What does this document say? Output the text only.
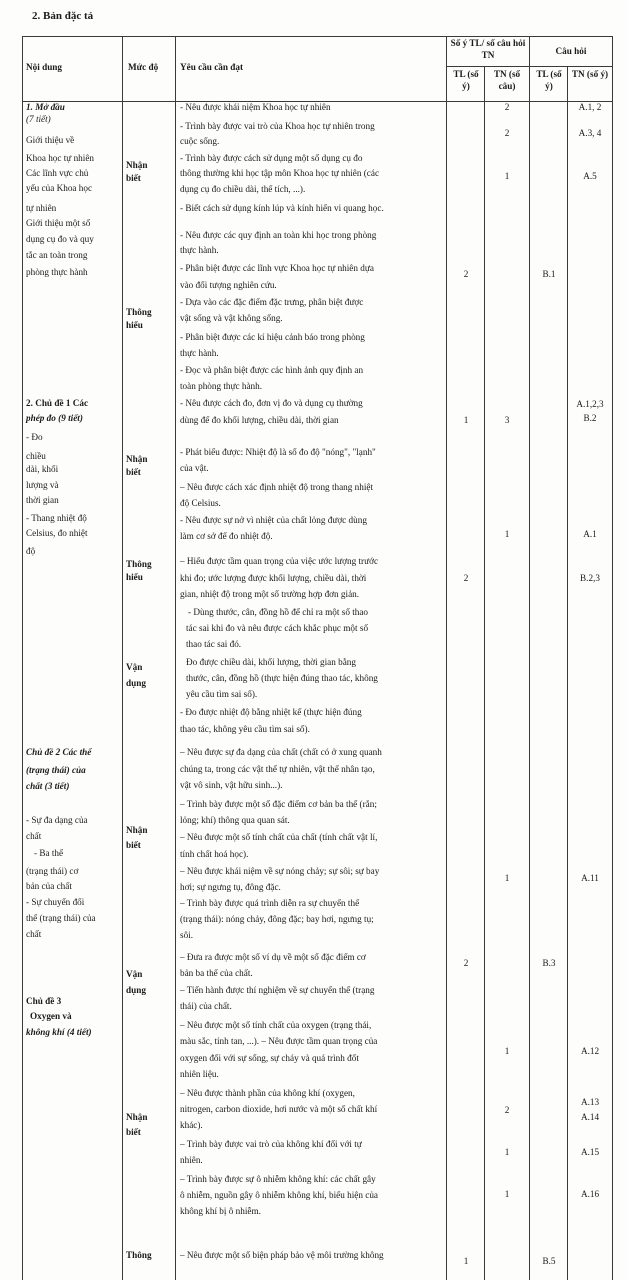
2. Bản đặc tả
Nội dung	Mức độ Yêu cầu cần đạt
Số ý TL/ số câu hỏi TN	Câu hỏi
TL (số ý)
TN (số câu)
TL (số ý)
TN (số ý)
1. Mở đầu
(7 tiết)
Giới thiệu về
Khoa học tự nhiên
Các lĩnh vực chủ
yếu của Khoa học
tự nhiên
Giới thiệu một số
dụng cụ đo và quy
tắc an toàn trong
phòng thực hành
2. Chủ đề 1 Các
phép đo (9 tiết)
- Đo
chiều
dài, khối
lượng và
thời gian
- Thang nhiệt độ
Celsius, đo nhiệt
độ
Chủ đề 2 Các thể
(trạng thái) của
chất (3 tiết)
- Sự đa dạng của
chất
- Ba thể
(trạng thái) cơ
bản của chất
- Sự chuyển đổi
thể (trạng thái) của
chất
Chủ đề 3
Oxygen và
không khí (4 tiết)
Nhận
biết
Thông
hiểu
Nhận
biết
Thông
hiểu
Vận
dụng
Nhận
biết
Vận
dụng
Nhận
biết
Thông
- Nêu được khái niệm Khoa học tự nhiên
- Trình bày được vai trò của Khoa học tự nhiên trong
cuộc sống.
- Trình bày được cách sử dụng một số dụng cụ đo
thông thường khi học tập môn Khoa học tự nhiên (các
dụng cụ đo chiều dài, thể tích, ...).
- Biết cách sử dụng kính lúp và kính hiển vi quang học.
- Nêu được các quy định an toàn khi học trong phòng
thực hành.
- Phân biệt được các lĩnh vực Khoa học tự nhiên dựa
vào đối tượng nghiên cứu.
- Dựa vào các đặc điểm đặc trưng, phân biệt được
vật sống và vật không sống.
- Phân biệt được các kí hiệu cảnh báo trong phòng
thực hành.
- Đọc và phân biệt được các hình ảnh quy định an
toàn phòng thực hành.
- Nêu được cách đo, đơn vị đo và dụng cụ thường
dùng để đo khối lượng, chiều dài, thời gian
- Phát biểu được: Nhiệt độ là số đo độ "nóng", "lạnh"
của vật.
– Nêu được cách xác định nhiệt độ trong thang nhiệt
độ Celsius.
- Nêu được sự nở vì nhiệt của chất lỏng được dùng
làm cơ sở để đo nhiệt độ.
– Hiểu được tầm quan trọng của việc ước lượng trước
khi đo; ước lượng được khối lượng, chiều dài, thời
gian, nhiệt độ trong một số trường hợp đơn giản.
- Dùng thước, cân, đồng hồ để chỉ ra một số thao
tác sai khi đo và nêu được cách khắc phục một số
thao tác sai đó.
Đo được chiều dài, khối lượng, thời gian bằng
thước, cân, đồng hồ (thực hiện đúng thao tác, không
yêu cầu tìm sai số).
- Đo được nhiệt độ bằng nhiệt kế (thực hiện đúng
thao tác, không yêu cầu tìm sai số).
– Nêu được sự đa dạng của chất (chất có ở xung quanh
chúng ta, trong các vật thể tự nhiên, vật thể nhân tạo,
vật vô sinh, vật hữu sinh...).
– Trình bày được một số đặc điểm cơ bản ba thể (rắn;
lỏng; khí) thông qua quan sát.
– Nêu được một số tính chất của chất (tính chất vật lí,
tính chất hoá học).
– Nêu được khái niệm về sự nóng chảy; sự sôi; sự bay
hơi; sự ngưng tụ, đông đặc.
– Trình bày được quá trình diễn ra sự chuyển thể
(trạng thái): nóng chảy, đông đặc; bay hơi, ngưng tụ;
sôi.
– Đưa ra được một số ví dụ về một số đặc điểm cơ
bản ba thể của chất.
– Tiến hành được thí nghiệm về sự chuyển thể (trạng
thái) của chất.
– Nêu được một số tính chất của oxygen (trạng thái,
màu sắc, tính tan, ...). – Nêu được tầm quan trọng của
oxygen đối với sự sống, sự cháy và quá trình đốt
nhiên liệu.
– Nêu được thành phần của không khí (oxygen,
nitrogen, carbon dioxide, hơi nước và một số chất khí
khác).
– Trình bày được vai trò của không khí đối với tự
nhiên.
– Trình bày được sự ô nhiễm không khí: các chất gây
ô nhiễm, nguồn gây ô nhiễm không khí, biểu hiện của
không khí bị ô nhiễm.
– Nêu được một số biện pháp bảo vệ môi trường không
2
1
2
2
1
2
2
1
3
1
1
1
2
1
1
B.1
B.3
B.5
A.1, 2
A.3, 4
A.5
A.1,2,3
B.2
A.1
B.2,3
A.11
A.12
A.13
A.14
A.15
A.16
